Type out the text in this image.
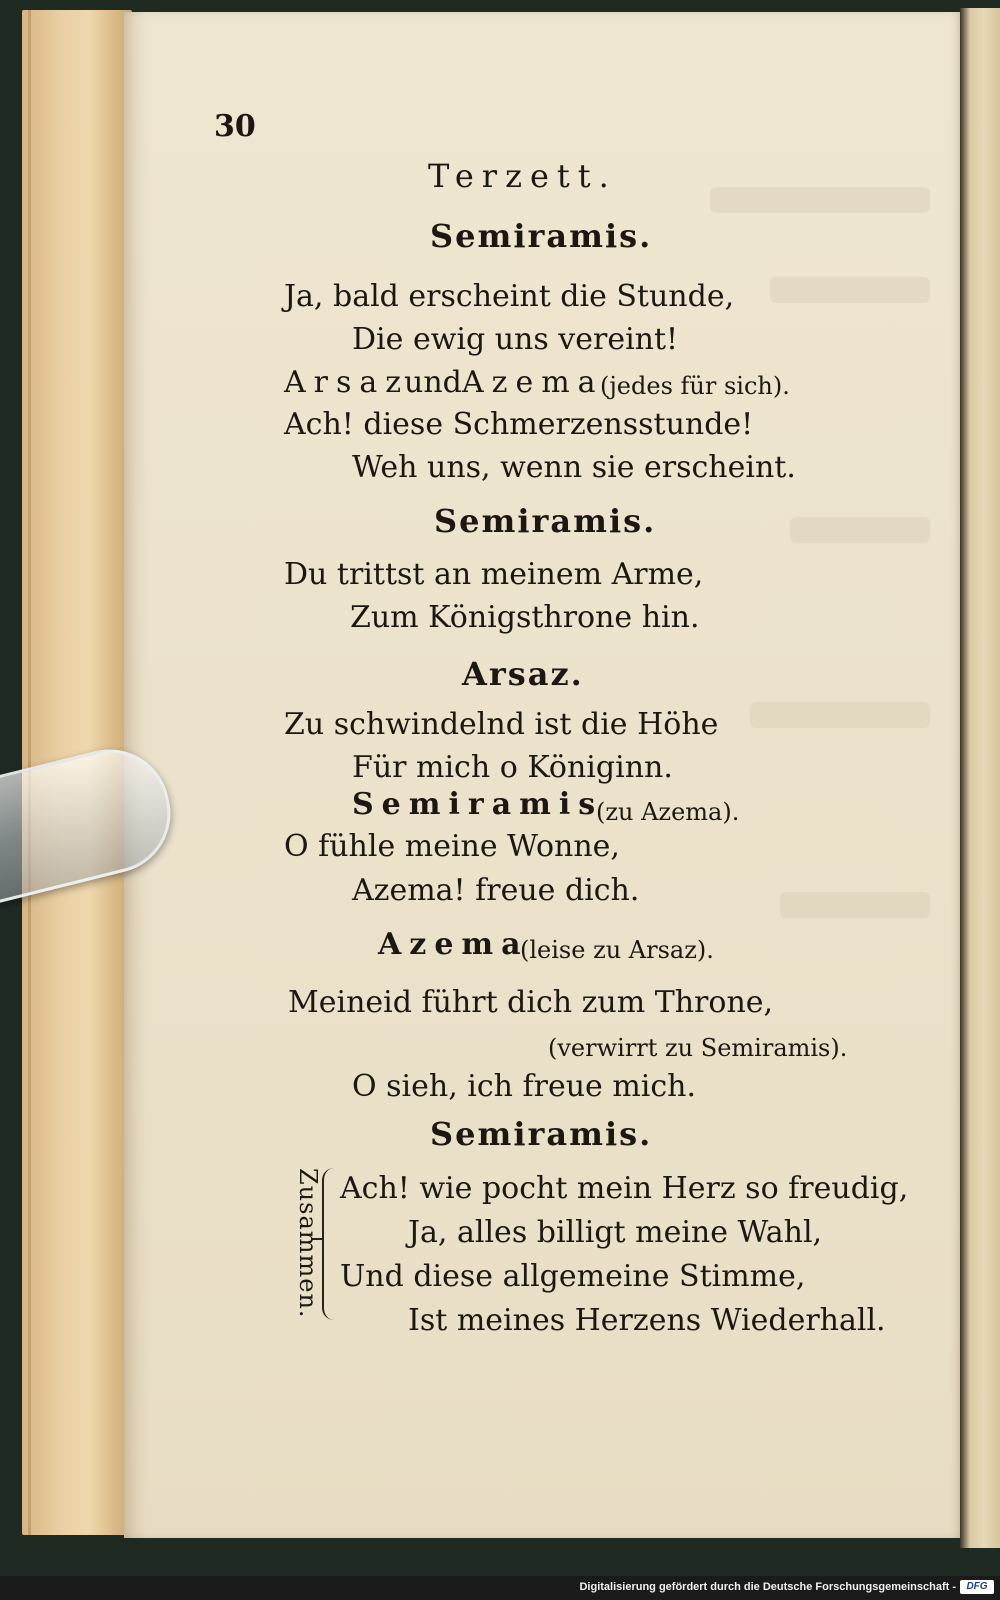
30
Terzett.
Semiramis.
Ja, bald erscheint die Stunde,
Die ewig uns vereint!
Arsaz
und Azema
(jedes für sich).
Ach! diese Schmerzensstunde!
Weh uns, wenn sie erscheint.
Semiramis.
Du trittst an meinem Arme,
Zum Königsthrone hin.
Arsaz.
Zu schwindelnd ist die Höhe
Für mich o Königinn.
Semiramis
(zu Azema).
O fühle meine Wonne,
Azema! freue dich.
Azema
(leise zu Arsaz).
Meineid führt dich zum Throne,
(verwirrt zu Semiramis).
O sieh, ich freue mich.
Semiramis.
Ach! wie pocht mein Herz so freudig,
Ja, alles billigt meine Wahl,
Und diese allgemeine Stimme,
Ist meines Herzens Wiederhall.
Zusammen.
Digitalisierung gefördert durch die Deutsche Forschungsgemeinschaft -	DFG
